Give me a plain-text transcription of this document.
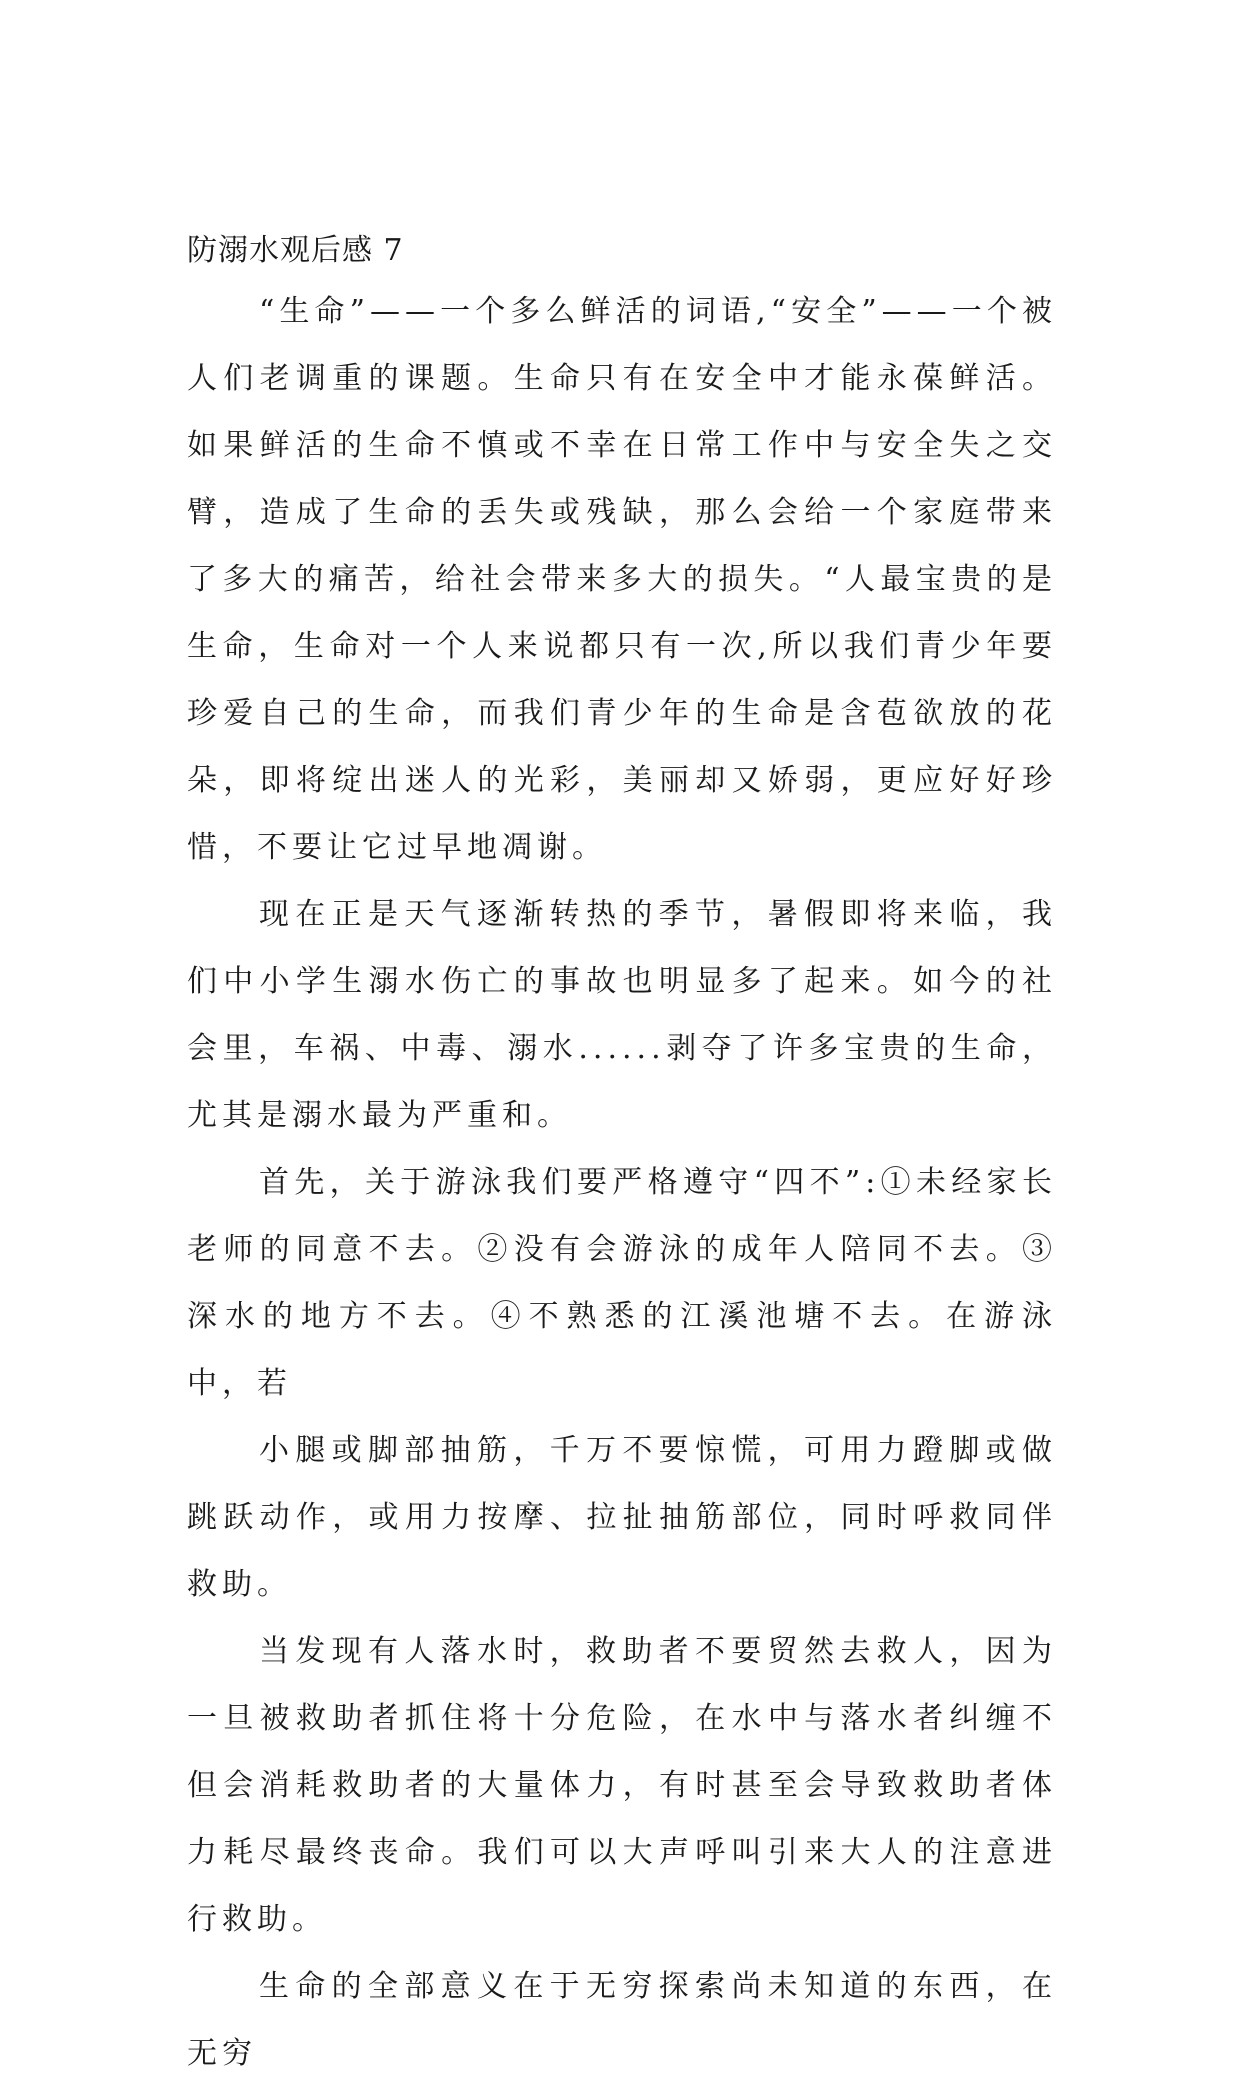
防溺水观后感 7

“生命”——一个多么鲜活的词语,“安全”——一个被人们老调重的课题。生命只有在安全中才能永葆鲜活。如果鲜活的生命不慎或不幸在日常工作中与安全失之交臂，造成了生命的丢失或残缺，那么会给一个家庭带来了多大的痛苦，给社会带来多大的损失。“人最宝贵的是生命，生命对一个人来说都只有一次,所以我们青少年要珍爱自己的生命，而我们青少年的生命是含苞欲放的花朵，即将绽出迷人的光彩，美丽却又娇弱，更应好好珍惜，不要让它过早地凋谢。

现在正是天气逐渐转热的季节，暑假即将来临，我们中小学生溺水伤亡的事故也明显多了起来。如今的社会里，车祸、中毒、溺水......剥夺了许多宝贵的生命，尤其是溺水最为严重和。

首先，关于游泳我们要严格遵守“四不”:①未经家长老师的同意不去。②没有会游泳的成年人陪同不去。③深水的地方不去。④不熟悉的江溪池塘不去。在游泳中，若

小腿或脚部抽筋，千万不要惊慌，可用力蹬脚或做跳跃动作，或用力按摩、拉扯抽筋部位，同时呼救同伴救助。

当发现有人落水时，救助者不要贸然去救人，因为一旦被救助者抓住将十分危险，在水中与落水者纠缠不但会消耗救助者的大量体力，有时甚至会导致救助者体力耗尽最终丧命。我们可以大声呼叫引来大人的注意进行救助。

生命的全部意义在于无穷探索尚未知道的东西，在无穷
